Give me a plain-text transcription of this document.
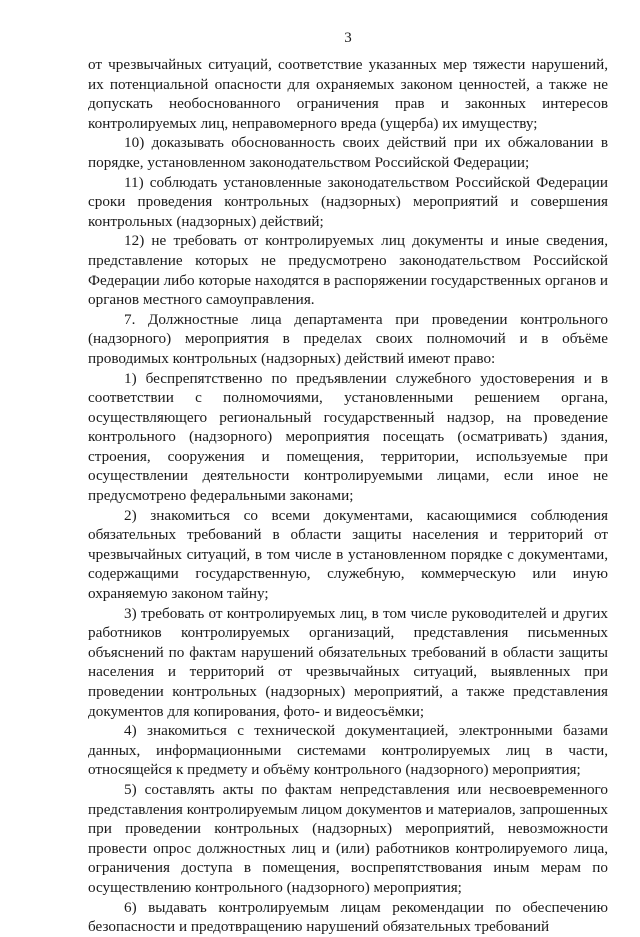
3

от чрезвычайных ситуаций, соответствие указанных мер тяжести нарушений, их потенциальной опасности для охраняемых законом ценностей, а также не допускать необоснованного ограничения прав и законных интересов контролируемых лиц, неправомерного вреда (ущерба) их имуществу;

10) доказывать обоснованность своих действий при их обжаловании в порядке, установленном законодательством Российской Федерации;

11) соблюдать установленные законодательством Российской Федерации сроки проведения контрольных (надзорных) мероприятий и совершения контрольных (надзорных) действий;

12) не требовать от контролируемых лиц документы и иные сведения, представление которых не предусмотрено законодательством Российской Федерации либо которые находятся в распоряжении государственных органов и органов местного самоуправления.

7. Должностные лица департамента при проведении контрольного (надзорного) мероприятия в пределах своих полномочий и в объёме проводимых контрольных (надзорных) действий имеют право:

1) беспрепятственно по предъявлении служебного удостоверения и в соответствии с полномочиями, установленными решением органа, осуществляющего региональный государственный надзор, на проведение контрольного (надзорного) мероприятия посещать (осматривать) здания, строения, сооружения и помещения, территории, используемые при осуществлении деятельности контролируемыми лицами, если иное не предусмотрено федеральными законами;

2) знакомиться со всеми документами, касающимися соблюдения обязательных требований в области защиты населения и территорий от чрезвычайных ситуаций, в том числе в установленном порядке с документами, содержащими государственную, служебную, коммерческую или иную охраняемую законом тайну;

3) требовать от контролируемых лиц, в том числе руководителей и других работников контролируемых организаций, представления письменных объяснений по фактам нарушений обязательных требований в области защиты населения и территорий от чрезвычайных ситуаций, выявленных при проведении контрольных (надзорных) мероприятий, а также представления документов для копирования, фото- и видеосъёмки;

4) знакомиться с технической документацией, электронными базами данных, информационными системами контролируемых лиц в части, относящейся к предмету и объёму контрольного (надзорного) мероприятия;

5) составлять акты по фактам непредставления или несвоевременного представления контролируемым лицом документов и материалов, запрошенных при проведении контрольных (надзорных) мероприятий, невозможности провести опрос должностных лиц и (или) работников контролируемого лица, ограничения доступа в помещения, воспрепятствования иным мерам по осуществлению контрольного (надзорного) мероприятия;

6) выдавать контролируемым лицам рекомендации по обеспечению безопасности и предотвращению нарушений обязательных требований
